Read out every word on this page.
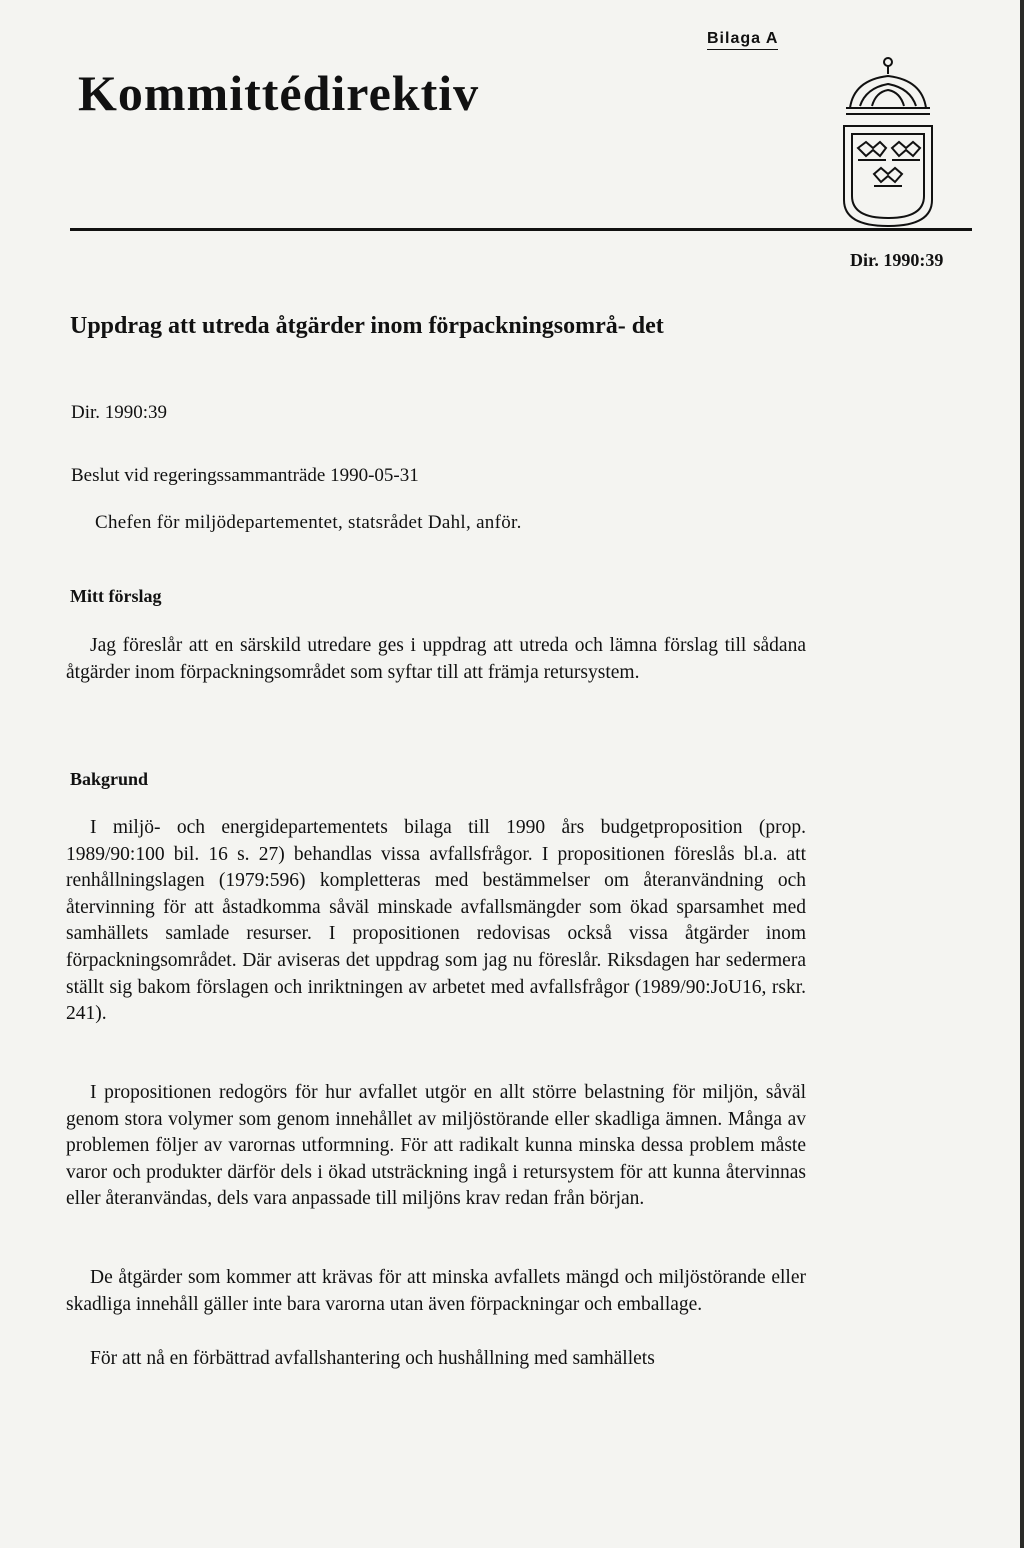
Bilaga A
Kommittédirektiv
Dir. 1990:39
Uppdrag att utreda åtgärder inom förpackningsområ- det
Dir. 1990:39
Beslut vid regeringssammanträde 1990-05-31
Chefen för miljödepartementet, statsrådet Dahl, anför.
Mitt förslag

Jag föreslår att en särskild utredare ges i uppdrag att utreda och lämna förslag till sådana åtgärder inom förpackningsområdet som syftar till att främja retursystem.

Bakgrund

I miljö- och energidepartementets bilaga till 1990 års budgetproposition (prop. 1989/90:100 bil. 16 s. 27) behandlas vissa avfallsfrågor. I propositionen föreslås bl.a. att renhållningslagen (1979:596) kompletteras med bestämmelser om återanvändning och återvinning för att åstadkomma såväl minskade avfallsmängder som ökad sparsamhet med samhällets samlade resurser. I propositionen redovisas också vissa åtgärder inom förpackningsområdet. Där aviseras det uppdrag som jag nu föreslår. Riksdagen har sedermera ställt sig bakom förslagen och inriktningen av arbetet med avfallsfrågor (1989/90:JoU16, rskr. 241).

I propositionen redogörs för hur avfallet utgör en allt större belastning för miljön, såväl genom stora volymer som genom innehållet av miljöstörande eller skadliga ämnen. Många av problemen följer av varornas utformning. För att radikalt kunna minska dessa problem måste varor och produkter därför dels i ökad utsträckning ingå i retursystem för att kunna återvinnas eller återanvändas, dels vara anpassade till miljöns krav redan från början.

De åtgärder som kommer att krävas för att minska avfallets mängd och miljöstörande eller skadliga innehåll gäller inte bara varorna utan även förpackningar och emballage.

För att nå en förbättrad avfallshantering och hushållning med samhällets
